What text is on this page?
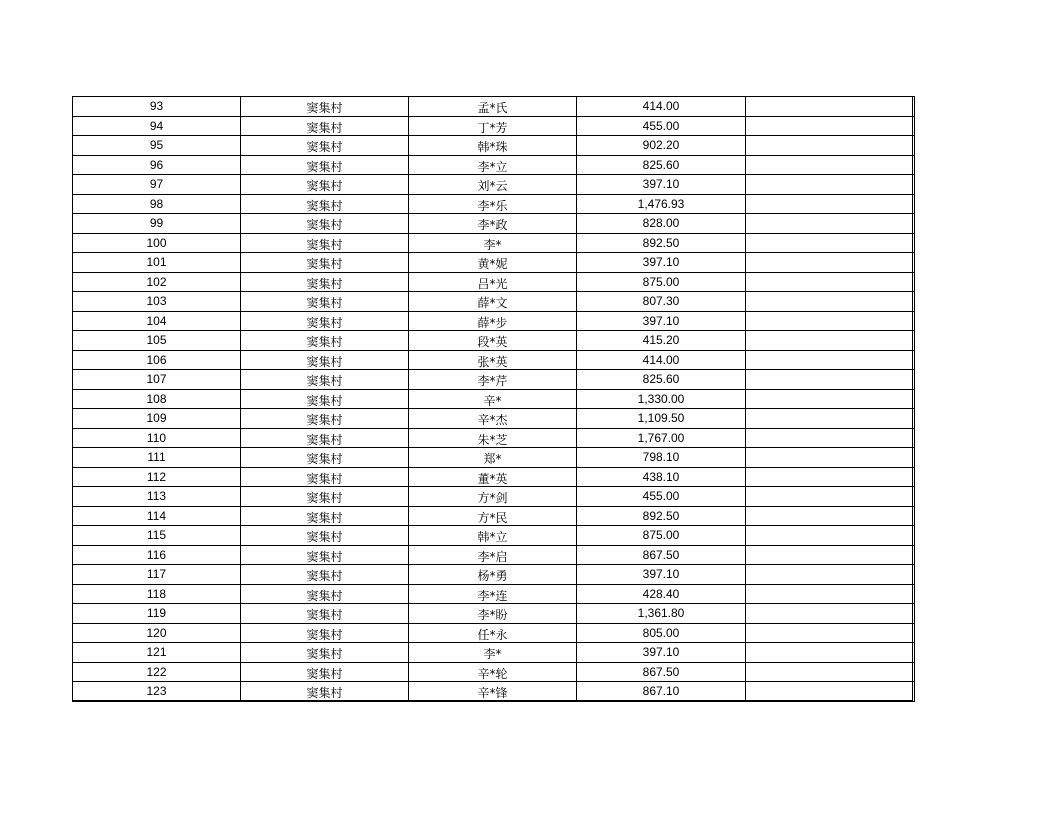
93	窦集村	孟*氏	414.00	
94	窦集村	丁*芳	455.00	
95	窦集村	韩*珠	902.20	
96	窦集村	李*立	825.60	
97	窦集村	刘*云	397.10	
98	窦集村	李*乐	1,476.93	
99	窦集村	李*政	828.00	
100	窦集村	李*	892.50	
101	窦集村	黄*妮	397.10	
102	窦集村	吕*光	875.00	
103	窦集村	薛*文	807.30	
104	窦集村	薛*步	397.10	
105	窦集村	段*英	415.20	
106	窦集村	张*英	414.00	
107	窦集村	李*芹	825.60	
108	窦集村	辛*	1,330.00	
109	窦集村	辛*杰	1,109.50	
110	窦集村	朱*芝	1,767.00	
111	窦集村	郑*	798.10	
112	窦集村	董*英	438.10	
113	窦集村	方*剑	455.00	
114	窦集村	方*民	892.50	
115	窦集村	韩*立	875.00	
116	窦集村	李*启	867.50	
117	窦集村	杨*勇	397.10	
118	窦集村	李*连	428.40	
119	窦集村	李*盼	1,361.80	
120	窦集村	任*永	805.00	
121	窦集村	李*	397.10	
122	窦集村	辛*轮	867.50	
123	窦集村	辛*锋	867.10	
